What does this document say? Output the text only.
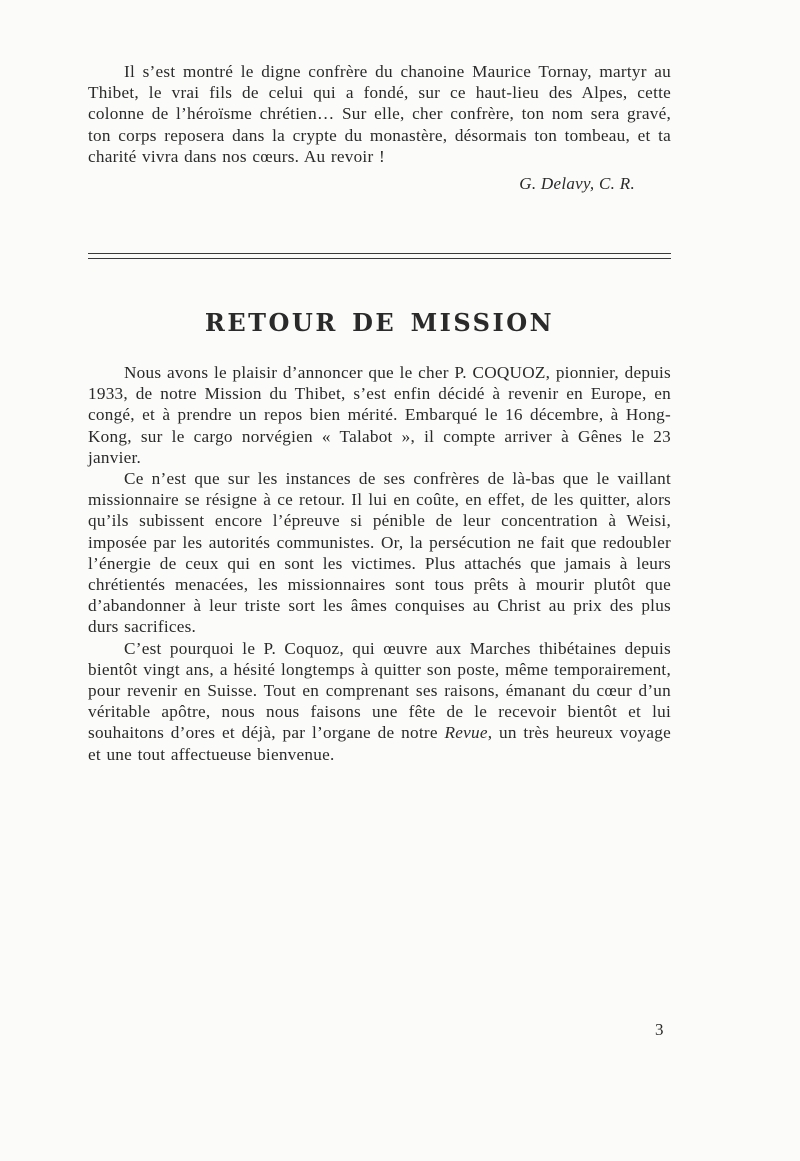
Il s’est montré le digne confrère du chanoine Maurice Tornay, martyr au Thibet, le vrai fils de celui qui a fondé, sur ce haut-lieu des Alpes, cette colonne de l’héroïsme chrétien… Sur elle, cher confrère, ton nom sera gravé, ton corps reposera dans la crypte du monastère, désormais ton tombeau, et ta charité vivra dans nos cœurs. Au revoir !

G. Delavy, C. R.

retour de mission

Nous avons le plaisir d’annoncer que le cher P. COQUOZ, pionnier, depuis 1933, de notre Mission du Thibet, s’est enfin décidé à revenir en Europe, en congé, et à prendre un repos bien mérité. Embarqué le 16 décembre, à Hong-Kong, sur le cargo norvégien « Talabot », il compte arriver à Gênes le 23 janvier.

Ce n’est que sur les instances de ses confrères de là-bas que le vaillant missionnaire se résigne à ce retour. Il lui en coûte, en effet, de les quitter, alors qu’ils subissent encore l’épreuve si pénible de leur concentration à Weisi, imposée par les autorités communistes. Or, la persécution ne fait que redoubler l’énergie de ceux qui en sont les victimes. Plus attachés que jamais à leurs chrétientés menacées, les missionnaires sont tous prêts à mourir plutôt que d’abandonner à leur triste sort les âmes conquises au Christ au prix des plus durs sacrifices.

C’est pourquoi le P. Coquoz, qui œuvre aux Marches thibétaines depuis bientôt vingt ans, a hésité longtemps à quitter son poste, même temporairement, pour revenir en Suisse. Tout en comprenant ses raisons, émanant du cœur d’un véritable apôtre, nous nous faisons une fête de le recevoir bientôt et lui souhaitons d’ores et déjà, par l’organe de notre Revue, un très heureux voyage et une tout affectueuse bienvenue.

3
